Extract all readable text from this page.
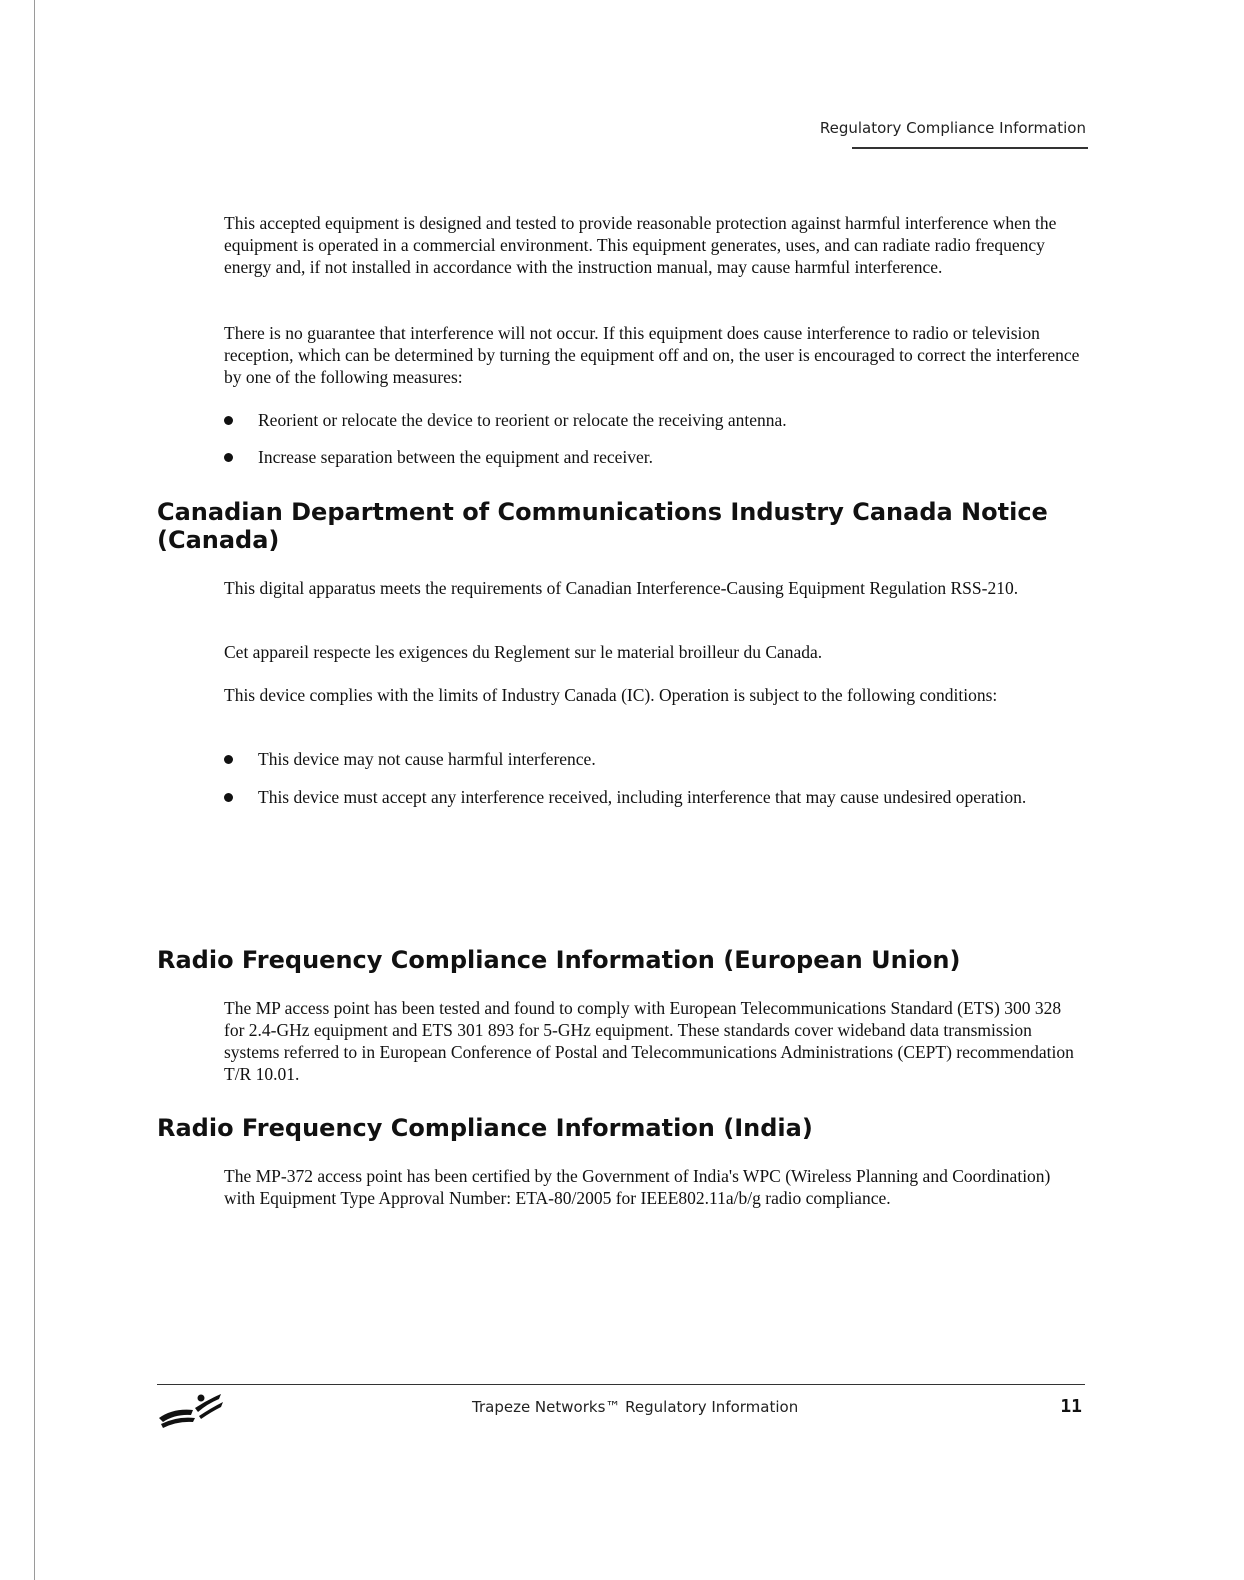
Regulatory Compliance Information

This accepted equipment is designed and tested to provide reasonable protection against harmful interference when the equipment is operated in a commercial environment. This equipment generates, uses, and can radiate radio frequency energy and, if not installed in accordance with the instruction manual, may cause harmful interference.

There is no guarantee that interference will not occur. If this equipment does cause interference to radio or television reception, which can be determined by turning the equipment off and on, the user is encouraged to correct the interference by one of the following measures:

Reorient or relocate the device to reorient or relocate the receiving antenna.
Increase separation between the equipment and receiver.
Canadian Department of Communications Industry Canada Notice (Canada)

This digital apparatus meets the requirements of Canadian Interference-Causing Equipment Regulation RSS-210.

Cet appareil respecte les exigences du Reglement sur le material broilleur du Canada.

This device complies with the limits of Industry Canada (IC). Operation is subject to the following conditions:

This device may not cause harmful interference.
This device must accept any interference received, including interference that may cause undesired operation.
Radio Frequency Compliance Information (European Union)

The MP access point has been tested and found to comply with European Telecommunications Standard (ETS) 300 328 for 2.4-GHz equipment and ETS 301 893 for 5-GHz equipment. These standards cover wideband data transmission systems referred to in European Conference of Postal and Telecommunications Administrations (CEPT) recommendation T/R 10.01.

Radio Frequency Compliance Information (India)

The MP-372 access point has been certified by the Government of India's WPC (Wireless Planning and Coordination) with Equipment Type Approval Number: ETA-80/2005 for IEEE802.11a/b/g radio compliance.

Trapeze Networks™ Regulatory Information	11
